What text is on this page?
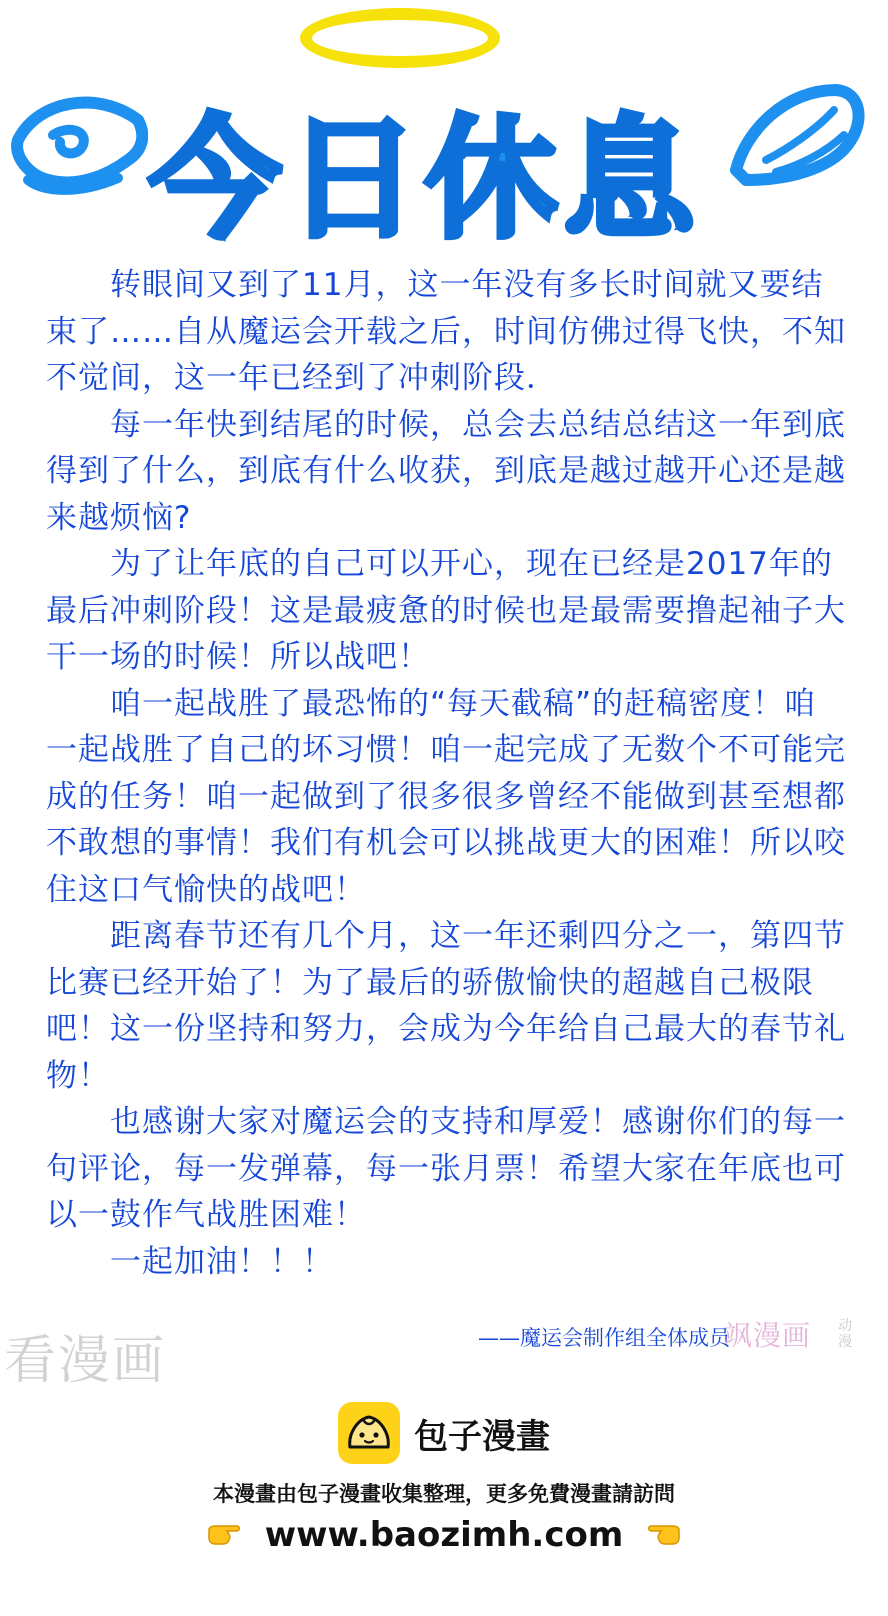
今日休息

转眼间又到了11月，这一年没有多长时间就又要结束了……自从魔运会开载之后，时间仿佛过得飞快，不知不觉间，这一年已经到了冲刺阶段．

每一年快到结尾的时候，总会去总结总结这一年到底得到了什么，到底有什么收获，到底是越过越开心还是越来越烦恼?

为了让年底的自己可以开心，现在已经是2017年的最后冲刺阶段！这是最疲惫的时候也是最需要撸起袖子大干一场的时候！所以战吧！

咱一起战胜了最恐怖的“每天截稿”的赶稿密度！咱一起战胜了自己的坏习惯！咱一起完成了无数个不可能完成的任务！咱一起做到了很多很多曾经不能做到甚至想都不敢想的事情！我们有机会可以挑战更大的困难！所以咬住这口气愉快的战吧！

距离春节还有几个月，这一年还剩四分之一，第四节比赛已经开始了！为了最后的骄傲愉快的超越自己极限吧！这一份坚持和努力，会成为今年给自己最大的春节礼物！

也感谢大家对魔运会的支持和厚爱！感谢你们的每一句评论，每一发弹幕，每一张月票！希望大家在年底也可以一鼓作气战胜困难！

一起加油！！！

看漫画	——魔运会制作组全体成员
飒漫画 动漫
包子漫畫
本漫畫由包子漫畫收集整理，更多免費漫畫請訪問
www.baozimh.com
